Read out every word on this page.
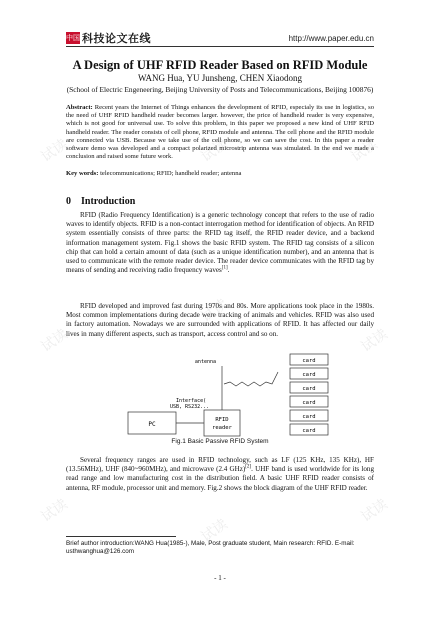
试读	试读	试读
试读
试读
试读
试读
试读
试读
中国 科技论文在线	http://www.paper.edu.cn
A Design of UHF RFID Reader Based on RFID Module
WANG Hua, YU Junsheng, CHEN Xiaodong
(School of Electric Engeneering, Beijing University of Posts and Telecommunications, Beijing 100876)
Abstract: Recent years the Internet of Things enhances the development of RFID, especialy its use in logistics, so the need of UHF RFID handheld reader becomes larger. however, the price of handheld reader is very expensive, which is not good for universal use. To solve this problem, in this paper we proposed a new kind of UHF RFID handheld reader. The reader consists of cell phone, RFID module and antenna. The cell phone and the RFID module are connected via USB. Because we take use of the cell phone, so we can save the cost. In this paper a reader software demo was developed and a compact polarized microstrip antenna was simulated. In the end we made a conclusion and raised some future work.
Key words: telecommunications; RFID; handheld reader; antenna
0 Introduction
RFID (Radio Frequency Identification) is a generic technology concept that refers to the use of radio waves to identify objects. RFID is a non-contact interrogation method for identification of objects. An RFID system essentially consists of three parts: the RFID tag itself, the RFID reader device, and a backend information management system. Fig.1 shows the basic RFID system. The RFID tag consists of a silicon chip that can hold a certain amount of data (such as a unique identification number), and an antenna that is used to communicate with the remote reader device. The reader device communicates with the RFID tag by means of sending and receiving radio frequency waves[1].
RFID developed and improved fast during 1970s and 80s. More applications took place in the 1980s. Most common implementations during decade were tracking of animals and vehicles. RFID was also used in factory automation. Nowadays we are surrounded with applications of RFID. It has affected our daily lives in many different aspects, such as transport, access control and so on.
PC
Interface(
USB, RS232...
RFID
reader
antenna	card
card
card
card
card
card
Fig.1 Basic Passive RFID System
Several frequency ranges are used in RFID technology, such as LF (125 KHz, 135 KHz), HF (13.56MHz), UHF (840~960MHz), and microwave (2.4 GHz)[2]. UHF band is used worldwide for its long read range and low manufacturing cost in the distribution field. A basic UHF RFID reader consists of antenna, RF module, processor unit and memory. Fig.2 shows the block diagram of the UHF RFID reader.
Brief author introduction:WANG Hua(1985-), Male, Post graduate student, Main research: RFID. E-mail: usthwanghua@126.com
- 1 -
